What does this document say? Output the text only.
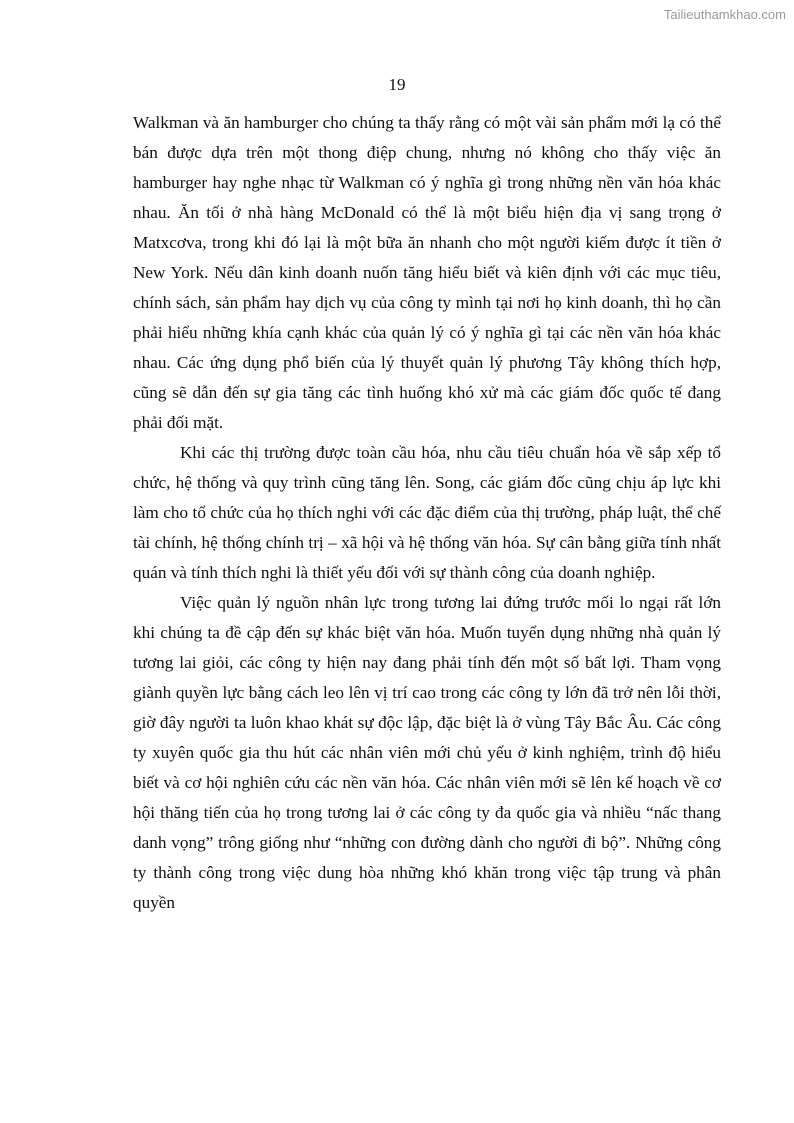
Tailieuthamkhao.com
19

Walkman và ăn hamburger cho chúng ta thấy rằng có một vài sản phẩm mới lạ có thể bán được dựa trên một thong điệp chung, nhưng nó không cho thấy việc ăn hamburger hay nghe nhạc từ Walkman có ý nghĩa gì trong những nền văn hóa khác nhau. Ăn tối ở nhà hàng McDonald có thể là một biểu hiện địa vị sang trọng ở Matxcơva, trong khi đó lại là một bữa ăn nhanh cho một người kiếm được ít tiền ở New York. Nếu dân kinh doanh nuốn tăng hiểu biết và kiên định với các mục tiêu, chính sách, sản phẩm hay dịch vụ của công ty mình tại nơi họ kinh doanh, thì họ cần phải hiểu những khía cạnh khác của quản lý có ý nghĩa gì tại các nền văn hóa khác nhau. Các ứng dụng phổ biến của lý thuyết quản lý phương Tây không thích hợp, cũng sẽ dẫn đến sự gia tăng các tình huống khó xử mà các giám đốc quốc tế đang phải đối mặt.

Khi các thị trường được toàn cầu hóa, nhu cầu tiêu chuẩn hóa về sắp xếp tổ chức, hệ thống và quy trình cũng tăng lên. Song, các giám đốc cũng chịu áp lực khi làm cho tổ chức của họ thích nghi với các đặc điểm của thị trường, pháp luật, thể chế tài chính, hệ thống chính trị – xã hội và hệ thống văn hóa. Sự cân bằng giữa tính nhất quán và tính thích nghi là thiết yếu đối với sự thành công của doanh nghiệp.

Việc quản lý nguồn nhân lực trong tương lai đứng trước mối lo ngại rất lớn khi chúng ta đề cập đến sự khác biệt văn hóa. Muốn tuyển dụng những nhà quản lý tương lai giỏi, các công ty hiện nay đang phải tính đến một số bất lợi. Tham vọng giành quyền lực bằng cách leo lên vị trí cao trong các công ty lớn đã trở nên lỗi thời, giờ đây người ta luôn khao khát sự độc lập, đặc biệt là ở vùng Tây Bắc Âu. Các công ty xuyên quốc gia thu hút các nhân viên mới chủ yếu ở kinh nghiệm, trình độ hiểu biết và cơ hội nghiên cứu các nền văn hóa. Các nhân viên mới sẽ lên kế hoạch về cơ hội thăng tiến của họ trong tương lai ở các công ty đa quốc gia và nhiều “nấc thang danh vọng” trông giống như “những con đường dành cho người đi bộ”. Những công ty thành công trong việc dung hòa những khó khăn trong việc tập trung và phân quyền
